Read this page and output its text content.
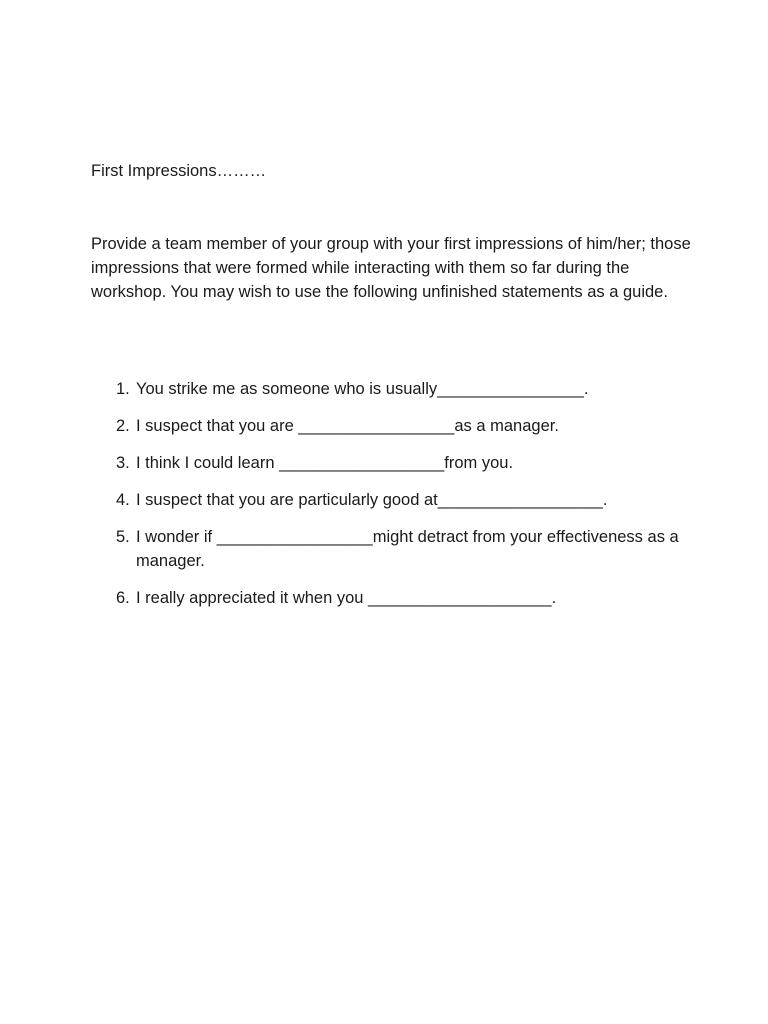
First Impressions………
Provide a team member of your group with your first impressions of him/her; those impressions that were formed while interacting with them so far during the workshop. You may wish to use the following unfinished statements as a guide.
1. You strike me as someone who is usually________________.
2. I suspect that you are _________________as a manager.
3. I think I could learn __________________from you.
4. I suspect that you are particularly good at__________________.
5. I wonder if _________________might detract from your effectiveness as a manager.
6. I really appreciated it when you ____________________.
